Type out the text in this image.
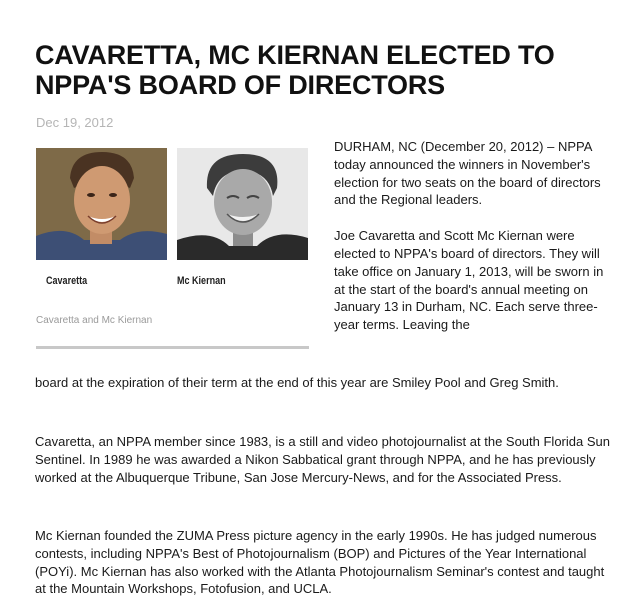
CAVARETTA, MC KIERNAN ELECTED TO NPPA'S BOARD OF DIRECTORS
Dec 19, 2012
Cavaretta	Mc Kiernan
Cavaretta and Mc Kiernan

DURHAM, NC (December 20, 2012) – NPPA today announced the winners in November's election for two seats on the board of directors and the Regional leaders.

Joe Cavaretta and Scott Mc Kiernan were elected to NPPA's board of directors. They will take office on January 1, 2013, will be sworn in at the start of the board's annual meeting on January 13 in Durham, NC. Each serve three-year terms. Leaving the

board at the expiration of their term at the end of this year are Smiley Pool and Greg Smith.

Cavaretta, an NPPA member since 1983, is a still and video photojournalist at the South Florida Sun Sentinel. In 1989 he was awarded a Nikon Sabbatical grant through NPPA, and he has previously worked at the Albuquerque Tribune, San Jose Mercury-News, and for the Associated Press.

Mc Kiernan founded the ZUMA Press picture agency in the early 1990s. He has judged numerous contests, including NPPA's Best of Photojournalism (BOP) and Pictures of the Year International (POYi). Mc Kiernan has also worked with the Atlanta Photojournalism Seminar's contest and taught at the Mountain Workshops, Fotofusion, and UCLA.
